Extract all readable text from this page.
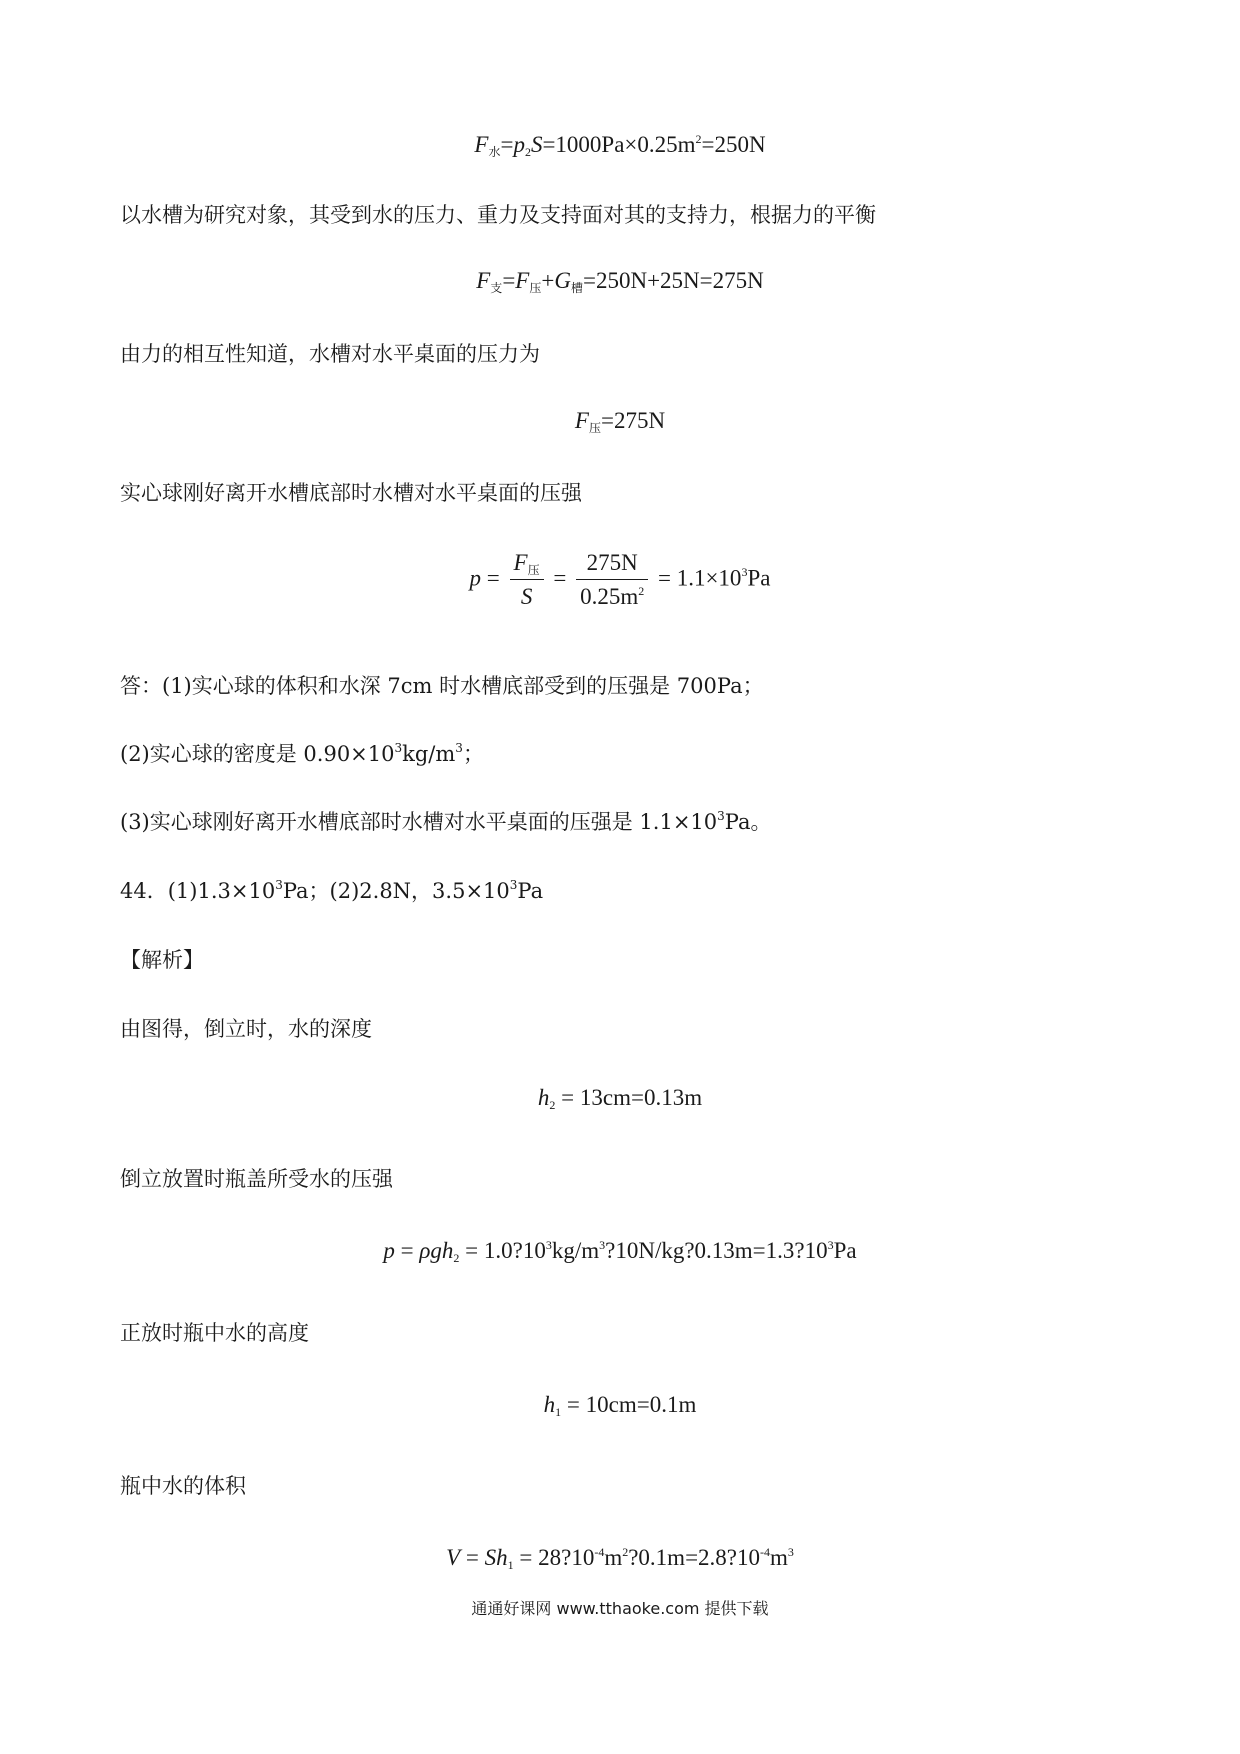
F水$=p2S=1000Pa\times 0.25m^2=250N$
以水槽为研究对象，其受到水的压力、重力及支持面对其的支持力，根据力的平衡
F支=F压+G槽=250N+25N=275N
由力的相互性知道，水槽对水平桌面的压力为
F压=275N
实心球刚好离开水槽底部时水槽对水平桌面的压强
$p = \frac{\text{F压}}{S} = \frac{275N}{0.25m^2} = 1.1\times 10^3Pa$
答：(1)实心球的体积和水深 7cm 时水槽底部受到的压强是 700Pa；
(2)实心球的密度是 $0.90\times 10^3kg/m^3$；
(3)实心球刚好离开水槽底部时水槽对水平桌面的压强是 $1.1\times 10^3Pa$。
44．$(1)1.3\times 10^3Pa$；(2)2.8N，$3.5\times 10^3Pa$
【解析】
由图得，倒立时，水的深度
h2 = 13cm=0.13m
倒立放置时瓶盖所受水的压强
$p = \rho gh2 = 1.0?10^3kg/m^3?10N/kg?0.13m=1.3?10^3Pa$
正放时瓶中水的高度
h1 = 10cm=0.1m
瓶中水的体积
$V = Sh1 = 28?10^{-4}m^2?0.1m=2.8?10^{-4}m^3$
通通好课网 www.tthaoke.com 提供下载
